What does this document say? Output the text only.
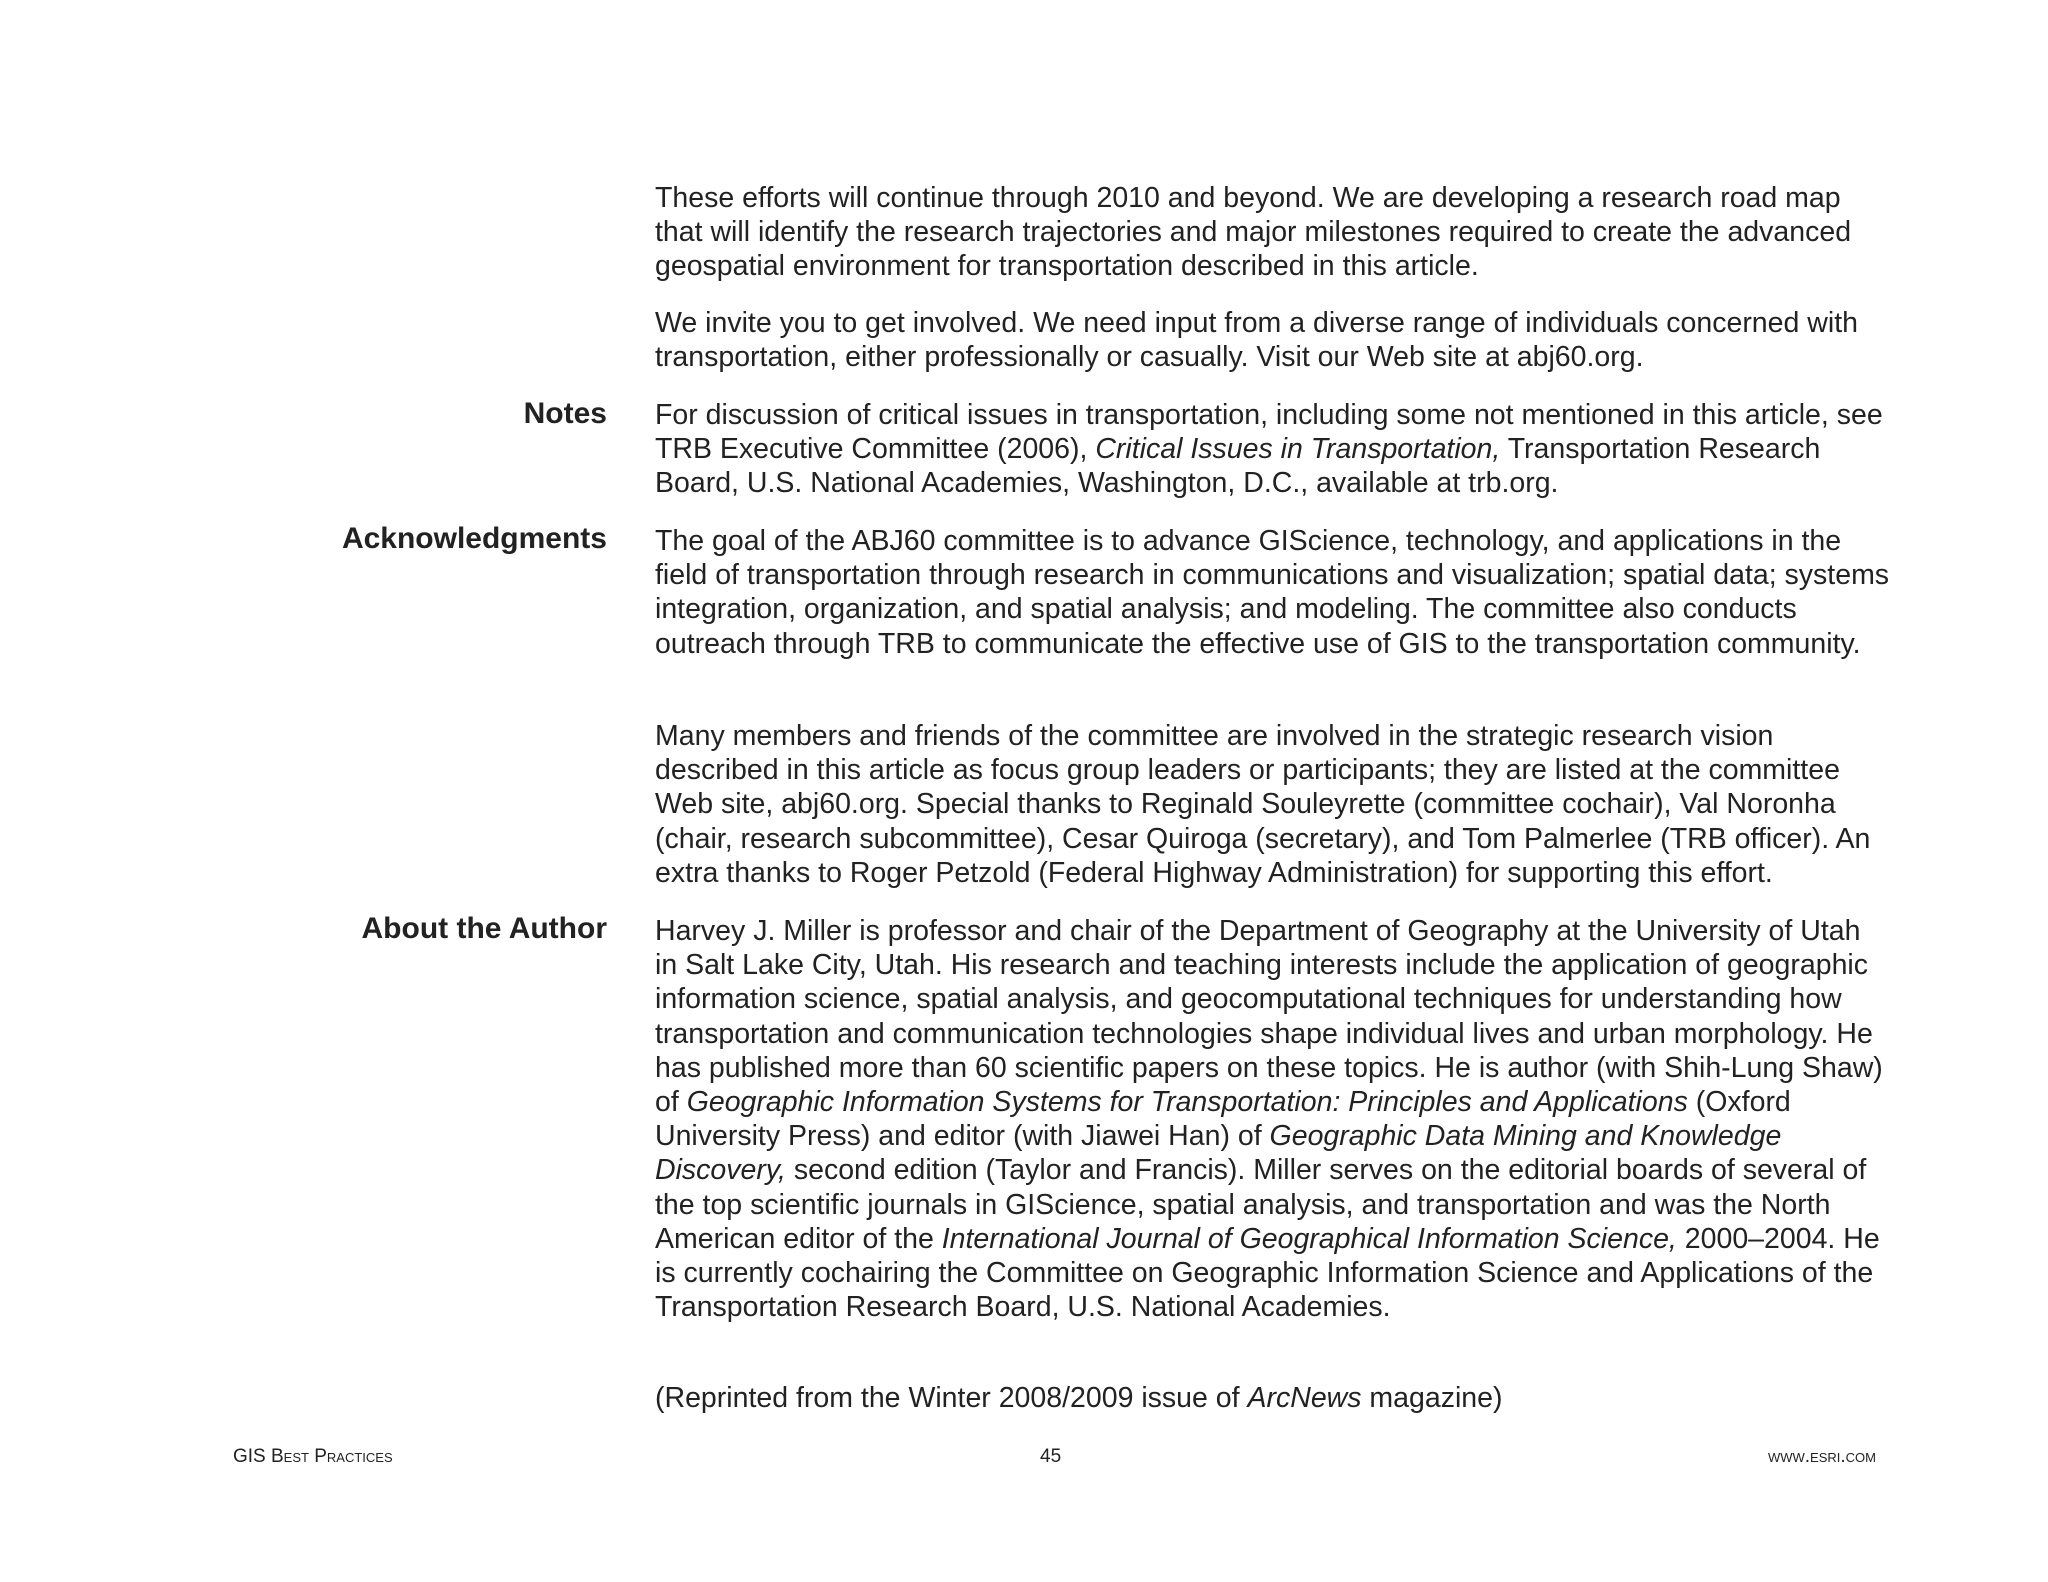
These efforts will continue through 2010 and beyond. We are developing a research road map that will identify the research trajectories and major milestones required to create the advanced geospatial environment for transportation described in this article.

We invite you to get involved. We need input from a diverse range of individuals concerned with transportation, either professionally or casually. Visit our Web site at abj60.org.

Notes For discussion of critical issues in transportation, including some not mentioned in this article, see TRB Executive Committee (2006), Critical Issues in Transportation, Transportation Research Board, U.S. National Academies, Washington, D.C., available at trb.org.

Acknowledgments The goal of the ABJ60 committee is to advance GIScience, technology, and applications in the field of transportation through research in communications and visualization; spatial data; systems integration, organization, and spatial analysis; and modeling. The committee also conducts outreach through TRB to communicate the effective use of GIS to the transportation community.

Many members and friends of the committee are involved in the strategic research vision described in this article as focus group leaders or participants; they are listed at the committee Web site, abj60.org. Special thanks to Reginald Souleyrette (committee cochair), Val Noronha (chair, research subcommittee), Cesar Quiroga (secretary), and Tom Palmerlee (TRB officer). An extra thanks to Roger Petzold (Federal Highway Administration) for supporting this effort.

About the Author Harvey J. Miller is professor and chair of the Department of Geography at the University of Utah in Salt Lake City, Utah. His research and teaching interests include the application of geographic information science, spatial analysis, and geocomputational techniques for understanding how transportation and communication technologies shape individual lives and urban morphology. He has published more than 60 scientific papers on these topics. He is author (with Shih-Lung Shaw) of Geographic Information Systems for Transportation: Principles and Applications (Oxford University Press) and editor (with Jiawei Han) of Geographic Data Mining and Knowledge Discovery, second edition (Taylor and Francis). Miller serves on the editorial boards of several of the top scientific journals in GIScience, spatial analysis, and transportation and was the North American editor of the International Journal of Geographical Information Science, 2000–2004. He is currently cochairing the Committee on Geographic Information Science and Applications of the Transportation Research Board, U.S. National Academies.

(Reprinted from the Winter 2008/2009 issue of ArcNews magazine)

GIS Best Practices	45	www.esri.com
